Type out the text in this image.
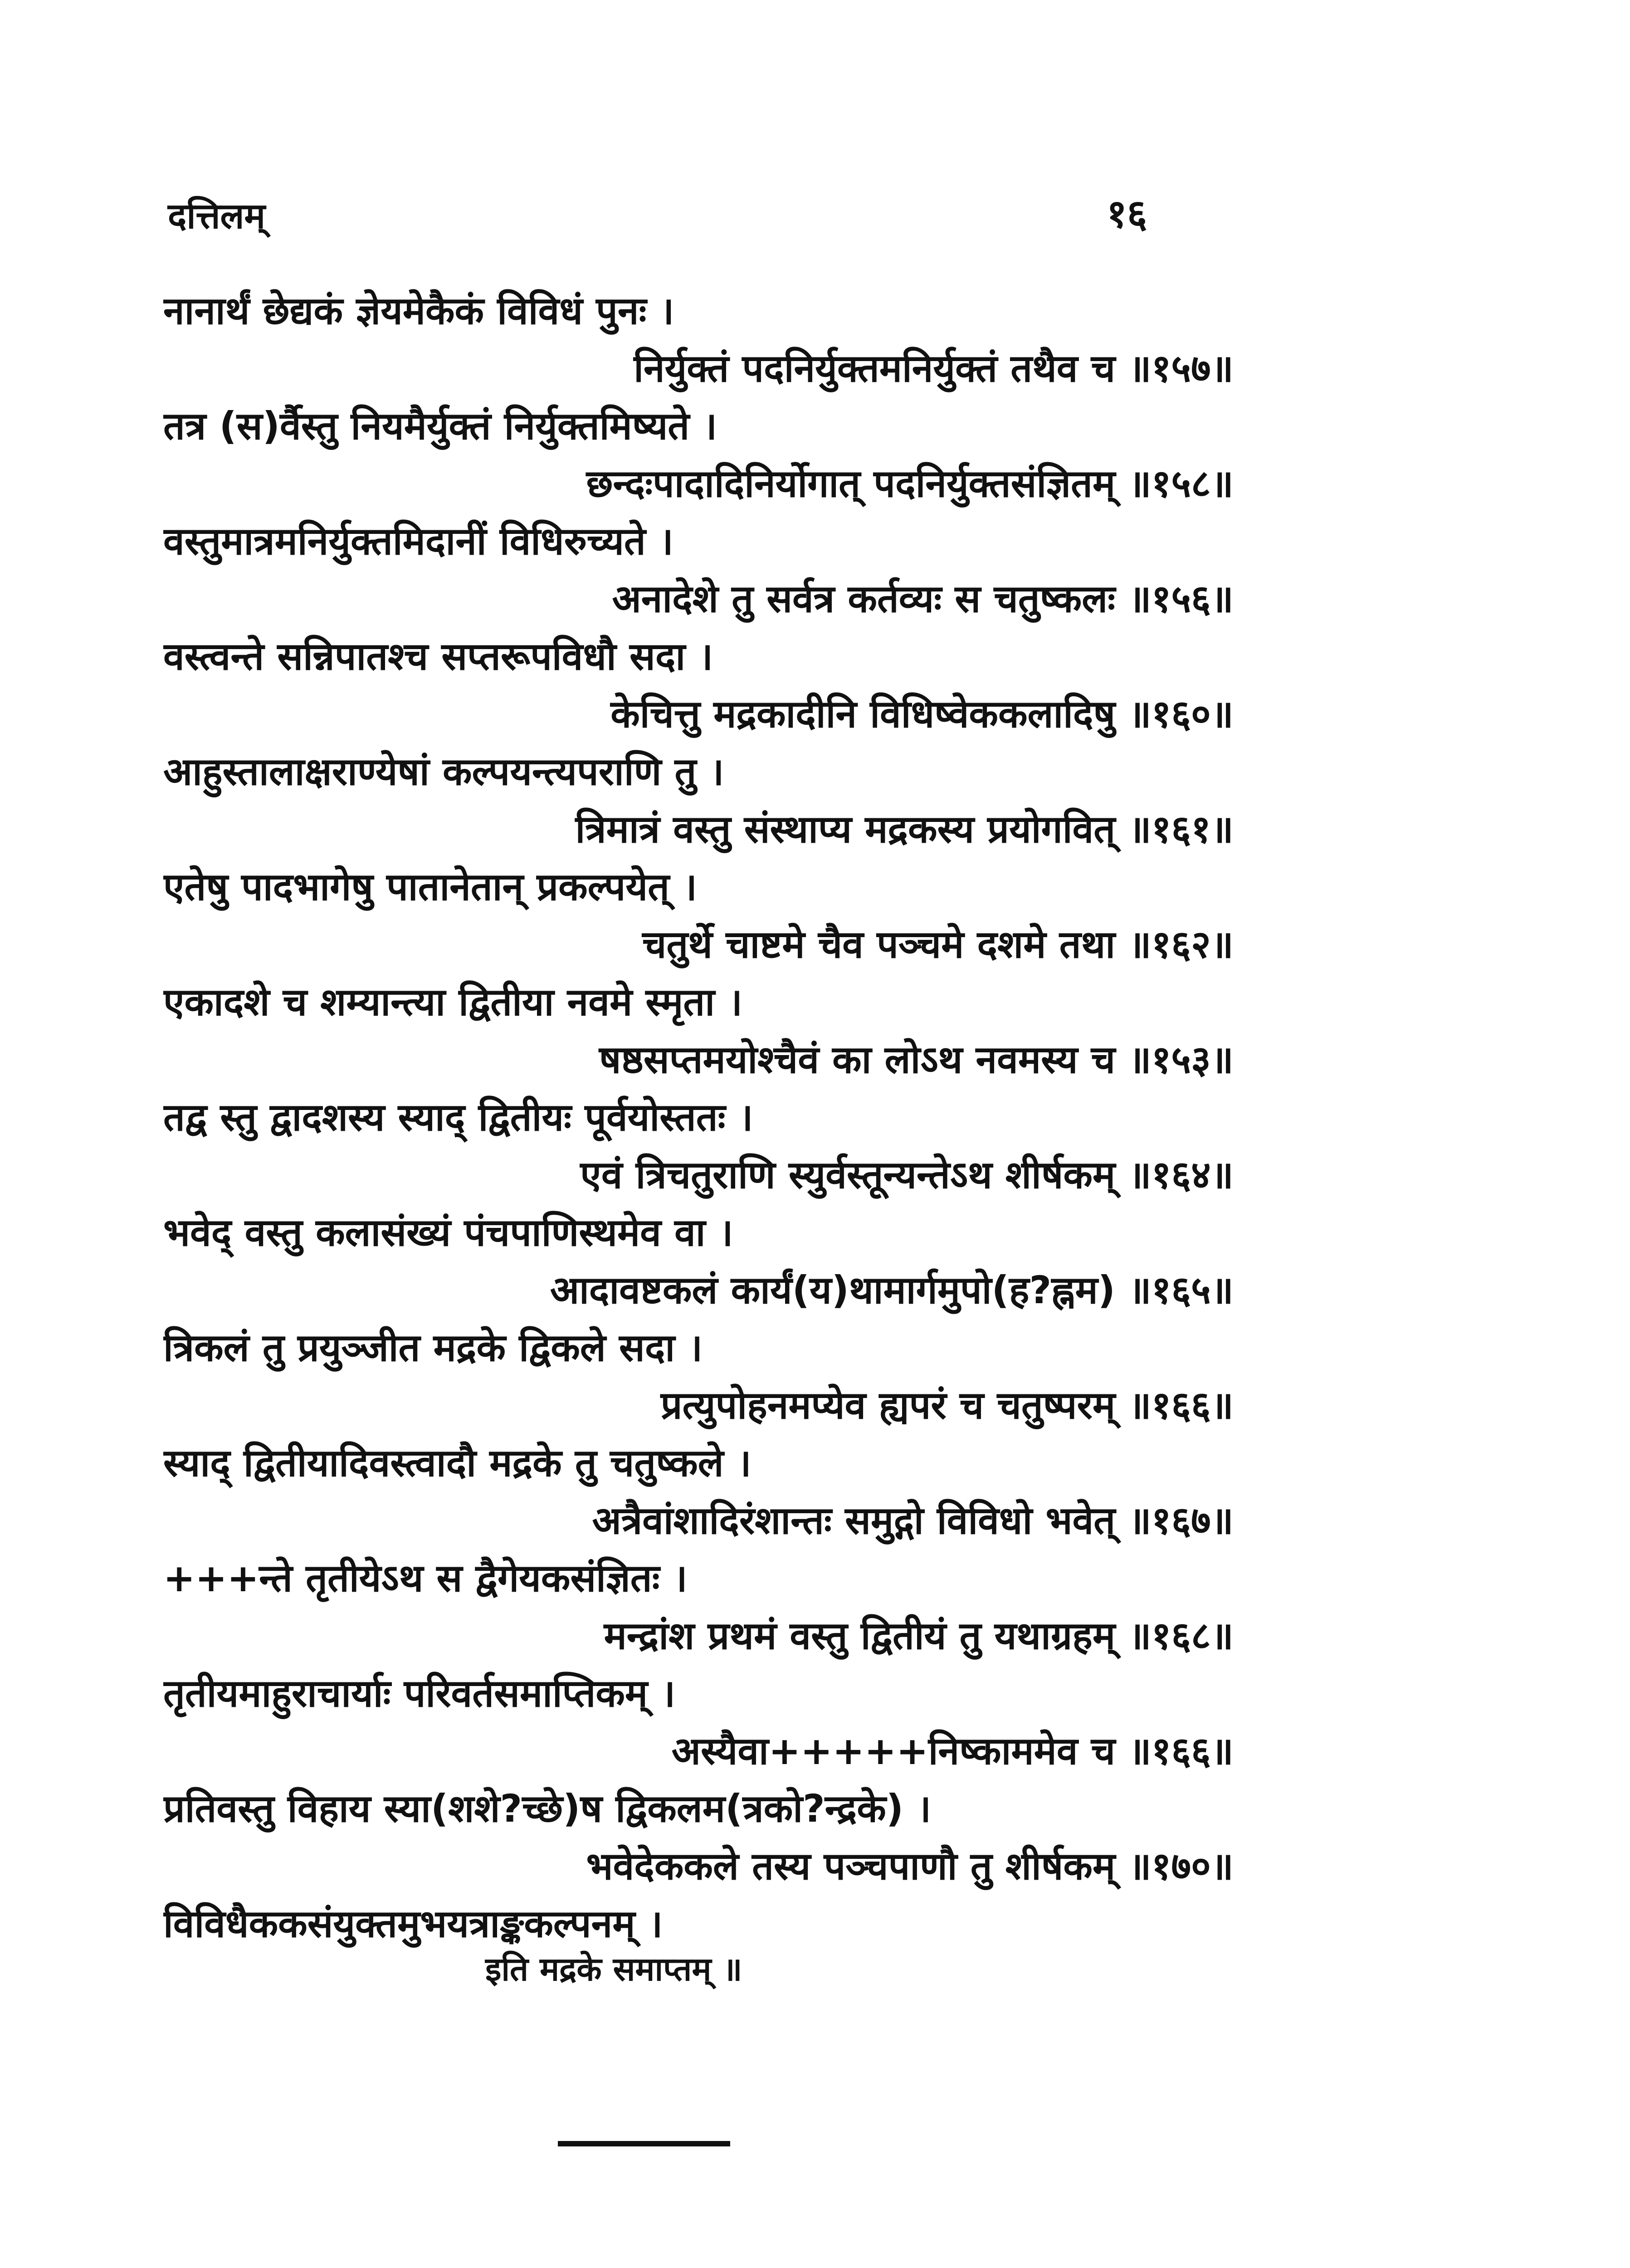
दत्तिलम्	१६
नानार्थं छेद्यकं ज्ञेयमेकैकं विविधं पुनः ।
निर्युक्तं पदनिर्युक्तमनिर्युक्तं तथैव च ॥१५७॥
तत्र (स)र्वैस्तु नियमैर्युक्तं निर्युक्तमिष्यते ।
छन्दःपादादिनिर्योगात् पदनिर्युक्तसंज्ञितम् ॥१५८॥
वस्तुमात्रमनिर्युक्तमिदानीं विधिरुच्यते ।
अनादेशे तु सर्वत्र कर्तव्यः स चतुष्कलः ॥१५६॥
वस्त्वन्ते सन्निपातश्च सप्तरूपविधौ सदा ।
केचित्तु मद्रकादीनि विधिष्वेककलादिषु ॥१६०॥
आहुस्तालाक्षराण्येषां कल्पयन्त्यपराणि तु ।
त्रिमात्रं वस्तु संस्थाप्य मद्रकस्य प्रयोगवित् ॥१६१॥
एतेषु पादभागेषु पातानेतान् प्रकल्पयेत् ।
चतुर्थे चाष्टमे चैव पञ्चमे दशमे तथा ॥१६२॥
एकादशे च शम्यान्त्या द्वितीया नवमे स्मृता ।
षष्ठसप्तमयोश्चैवं का लोऽथ नवमस्य च ॥१५३॥
तद्व स्तु द्वादशस्य स्याद् द्वितीयः पूर्वयोस्ततः ।
एवं त्रिचतुराणि स्युर्वस्तून्यन्तेऽथ शीर्षकम् ॥१६४॥
भवेद् वस्तु कलासंख्यं पंचपाणिस्थमेव वा ।
आदावष्टकलं कार्यं(य)थामार्गमुपो(ह?ह्नम) ॥१६५॥
त्रिकलं तु प्रयुञ्जीत मद्रके द्विकले सदा ।
प्रत्युपोहनमप्येव ह्यपरं च चतुष्परम् ॥१६६॥
स्याद् द्वितीयादिवस्त्वादौ मद्रके तु चतुष्कले ।
अत्रैवांशादिरंशान्तः समुद्गो विविधो भवेत् ॥१६७॥
+++न्ते तृतीयेऽथ स द्वैगेयकसंज्ञितः ।
मन्द्रांश प्रथमं वस्तु द्वितीयं तु यथाग्रहम् ॥१६८॥
तृतीयमाहुराचार्याः परिवर्तसमाप्तिकम् ।
अस्यैवा+++++निष्काममेव च ॥१६६॥
प्रतिवस्तु विहाय स्या(शशे?च्छे)ष द्विकलम(त्रको?न्द्रके) ।
भवेदेककले तस्य पञ्चपाणौ तु शीर्षकम् ॥१७०॥
विविधैककसंयुक्तमुभयत्राङ्ककल्पनम् ।
इति मद्रके समाप्तम् ॥
